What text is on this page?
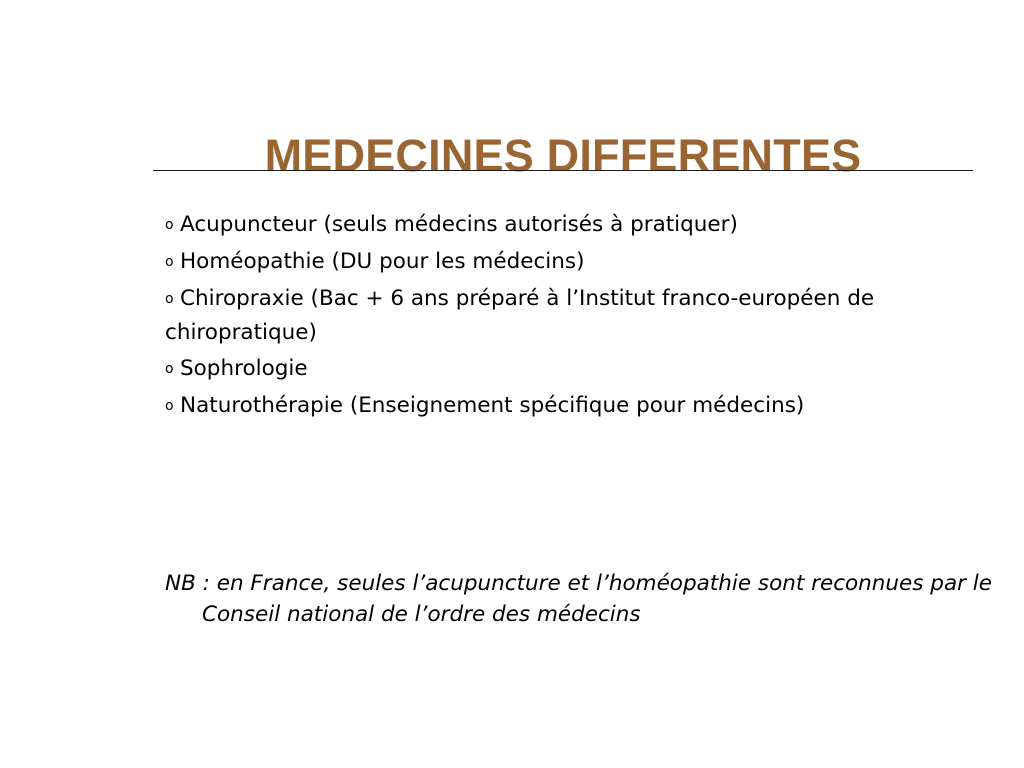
MEDECINES DIFFERENTES
o Acupuncteur (seuls médecins autorisés à pratiquer)
o Homéopathie (DU pour les médecins)
o Chiropraxie (Bac + 6 ans préparé à l’Institut franco-européen de chiropratique)
o Sophrologie
o Naturothérapie (Enseignement spécifique pour médecins)

NB : en France, seules l’acupuncture et l’homéopathie sont reconnues par le Conseil national de l’ordre des médecins
